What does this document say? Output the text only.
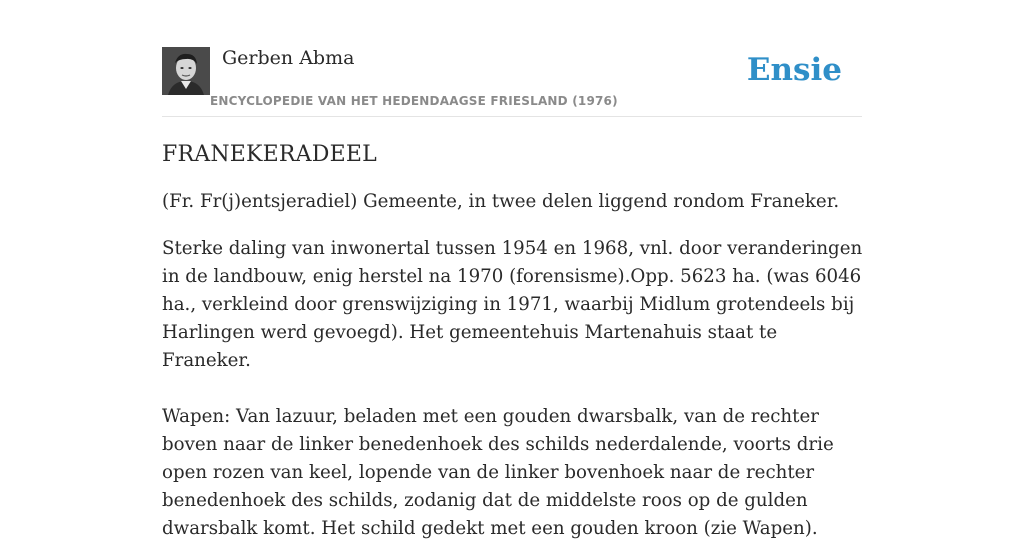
Gerben Abma
ENCYCLOPEDIE VAN HET HEDENDAAGSE FRIESLAND (1976)
Ensie
FRANEKERADEEL

(Fr. Fr(j)entsjeradiel) Gemeente, in twee delen liggend rondom Franeker.

Sterke daling van inwonertal tussen 1954 en 1968, vnl. door veranderingen in de landbouw, enig herstel na 1970 (forensisme).Opp. 5623 ha. (was 6046 ha., verkleind door grenswijziging in 1971, waarbij Midlum grotendeels bij Harlingen werd gevoegd). Het gemeentehuis Martenahuis staat te Franeker.

Wapen: Van lazuur, beladen met een gouden dwarsbalk, van de rechter boven naar de linker benedenhoek des schilds nederdalende, voorts drie open rozen van keel, lopende van de linker bovenhoek naar de rechter benedenhoek des schilds, zodanig dat de middelste roos op de gulden dwarsbalk komt. Het schild gedekt met een gouden kroon (zie Wapen).
